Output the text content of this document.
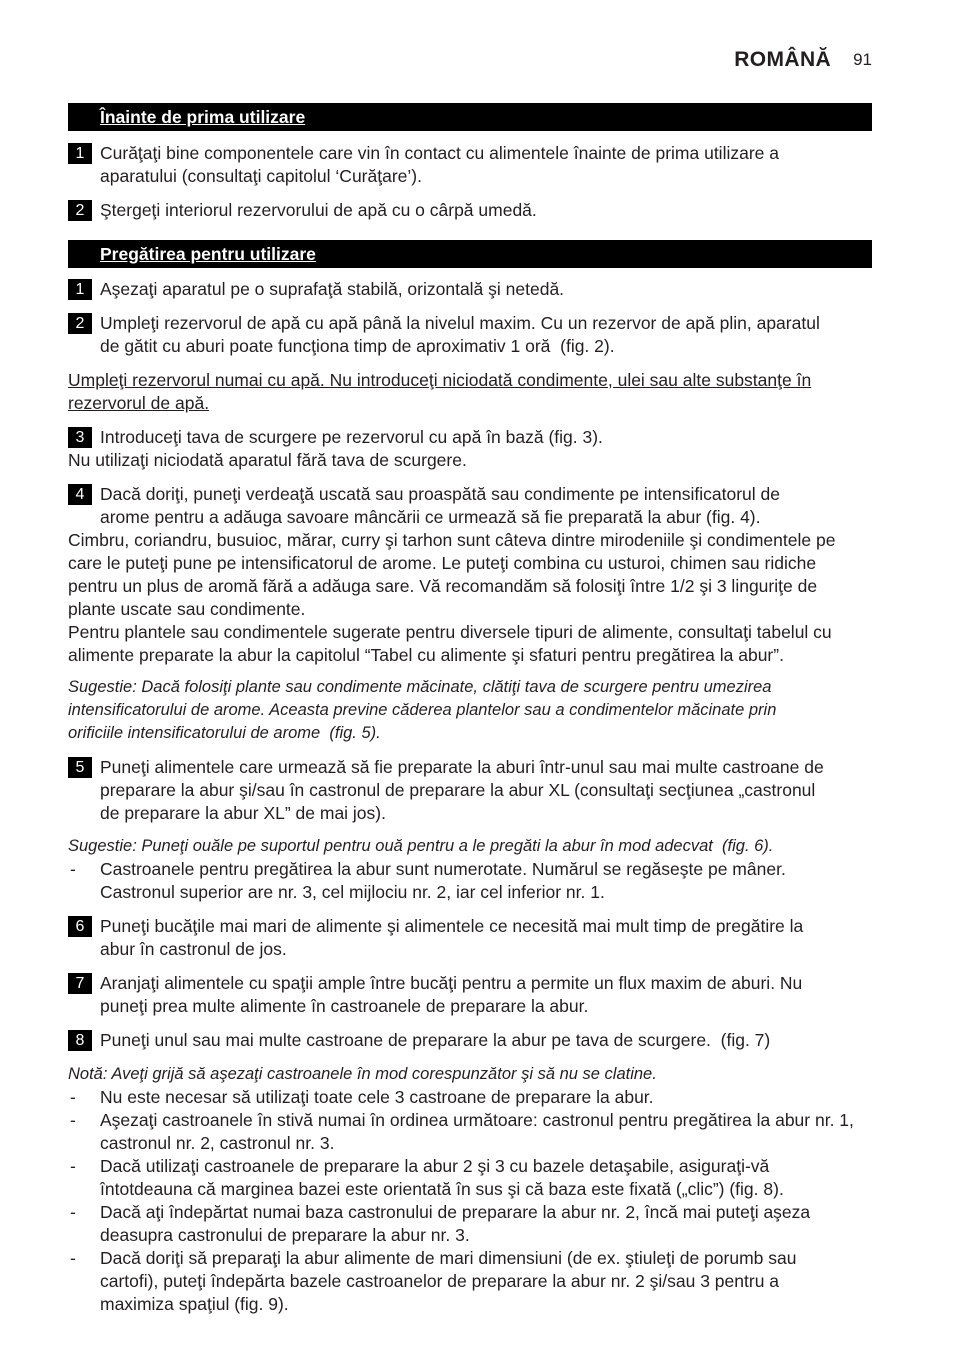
ROMÂNĂ 91
Înainte de prima utilizare
1 Curăţaţi bine componentele care vin în contact cu alimentele înainte de prima utilizare a
aparatului (consultaţi capitolul ‘Curăţare’).
2 Ştergeţi interiorul rezervorului de apă cu o cârpă umedă.
Pregătirea pentru utilizare
1 Aşezaţi aparatul pe o suprafaţă stabilă, orizontală şi netedă.
2 Umpleţi rezervorul de apă cu apă până la nivelul maxim. Cu un rezervor de apă plin, aparatul
de gătit cu aburi poate funcţiona timp de aproximativ 1 oră  (fig. 2).
Umpleţi rezervorul numai cu apă. Nu introduceţi niciodată condimente, ulei sau alte substanţe în
rezervorul de apă.
3 Introduceţi tava de scurgere pe rezervorul cu apă în bază (fig. 3).
Nu utilizaţi niciodată aparatul fără tava de scurgere.
4 Dacă doriţi, puneţi verdeaţă uscată sau proaspătă sau condimente pe intensificatorul de
arome pentru a adăuga savoare mâncării ce urmează să fie preparată la abur (fig. 4).
Cimbru, coriandru, busuioc, mărar, curry şi tarhon sunt câteva dintre mirodeniile şi condimentele pe
care le puteţi pune pe intensificatorul de arome. Le puteţi combina cu usturoi, chimen sau ridiche
pentru un plus de aromă fără a adăuga sare. Vă recomandăm să folosiţi între 1/2 şi 3 linguriţe de
plante uscate sau condimente.
Pentru plantele sau condimentele sugerate pentru diversele tipuri de alimente, consultaţi tabelul cu
alimente preparate la abur la capitolul “Tabel cu alimente şi sfaturi pentru pregătirea la abur”.
Sugestie: Dacă folosiţi plante sau condimente măcinate, clătiţi tava de scurgere pentru umezirea
intensificatorului de arome. Aceasta previne căderea plantelor sau a condimentelor măcinate prin
orificiile intensificatorului de arome  (fig. 5).
5 Puneţi alimentele care urmează să fie preparate la aburi într-unul sau mai multe castroane de
preparare la abur şi/sau în castronul de preparare la abur XL (consultaţi secţiunea „castronul
de preparare la abur XL” de mai jos).
Sugestie: Puneţi ouăle pe suportul pentru ouă pentru a le pregăti la abur în mod adecvat  (fig. 6).
- Castroanele pentru pregătirea la abur sunt numerotate. Numărul se regăseşte pe mâner.
Castronul superior are nr. 3, cel mijlociu nr. 2, iar cel inferior nr. 1.
6 Puneţi bucăţile mai mari de alimente şi alimentele ce necesită mai mult timp de pregătire la
abur în castronul de jos.
7 Aranjaţi alimentele cu spaţii ample între bucăţi pentru a permite un flux maxim de aburi. Nu
puneţi prea multe alimente în castroanele de preparare la abur.
8 Puneţi unul sau mai multe castroane de preparare la abur pe tava de scurgere.  (fig. 7)
Notă: Aveţi grijă să aşezaţi castroanele în mod corespunzător şi să nu se clatine.
- Nu este necesar să utilizaţi toate cele 3 castroane de preparare la abur.
- Aşezaţi castroanele în stivă numai în ordinea următoare: castronul pentru pregătirea la abur nr. 1,
castronul nr. 2, castronul nr. 3.
- Dacă utilizaţi castroanele de preparare la abur 2 şi 3 cu bazele detaşabile, asiguraţi-vă
întotdeauna că marginea bazei este orientată în sus şi că baza este fixată („clic”) (fig. 8).
- Dacă aţi îndepărtat numai baza castronului de preparare la abur nr. 2, încă mai puteţi aşeza
deasupra castronului de preparare la abur nr. 3.
- Dacă doriţi să preparaţi la abur alimente de mari dimensiuni (de ex. ştiuleţi de porumb sau
cartofi), puteţi îndepărta bazele castroanelor de preparare la abur nr. 2 şi/sau 3 pentru a
maximiza spaţiul (fig. 9).
